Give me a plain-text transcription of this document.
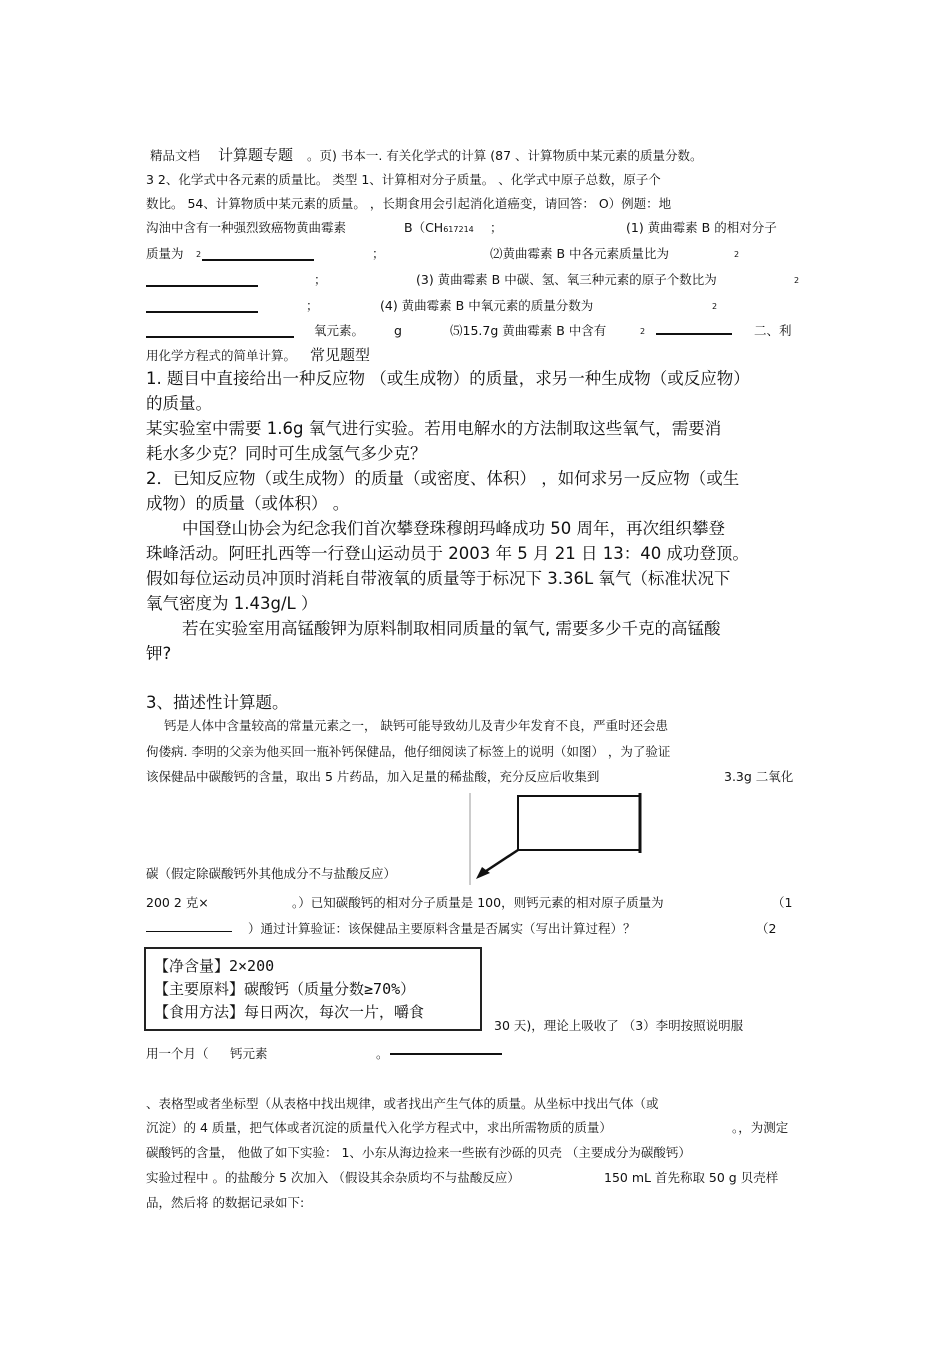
精品文档 计算题专题 。页) 书本一. 有关化学式的计算 (87 、计算物质中某元素的质量分数。
3 2、化学式中各元素的质量比。 类型 1、计算相对分子质量。 、化学式中原子总数，原子个
数比。 54、计算物质中某元素的质量。 ，长期食用会引起消化道癌变，请回答： O）例题：地
沟油中含有一种强烈致癌物黄曲霉素	B（CH617214 ；	(1) 黄曲霉素 B 的相对分子
质量为 2	；	⑵黄曲霉素 B 中各元素质量比为	2
；	(3) 黄曲霉素 B 中碳、氢、氧三种元素的原子个数比为	2
；	(4) 黄曲霉素 B 中氧元素的质量分数为	2
氧元素。 g	⑸15.7g 黄曲霉素 B 中含有	2	二、利
用化学方程式的简单计算。 常见题型
1. 题目中直接给出一种反应物 （或生成物）的质量，求另一种生成物（或反应物）
的质量。
某实验室中需要 1.6g 氧气进行实验。若用电解水的方法制取这些氧气，需要消
耗水多少克？同时可生成氢气多少克？
2．已知反应物（或生成物）的质量（或密度、体积） ，如何求另一反应物（或生
成物）的质量（或体积） 。
中国登山协会为纪念我们首次攀登珠穆朗玛峰成功 50 周年，再次组织攀登
珠峰活动。阿旺扎西等一行登山运动员于 2003 年 5 月 21 日 13：40 成功登顶。
假如每位运动员冲顶时消耗自带液氧的质量等于标况下 3.36L 氧气（标准状况下
氧气密度为 1.43g/L ）
若在实验室用高锰酸钾为原料制取相同质量的氧气, 需要多少千克的高锰酸
钾?
3、描述性计算题。
钙是人体中含量较高的常量元素之一， 缺钙可能导致幼儿及青少年发育不良，严重时还会患
佝偻病. 李明的父亲为他买回一瓶补钙保健品，他仔细阅读了标签上的说明（如图） ，为了验证
该保健品中碳酸钙的含量，取出 5 片药品，加入足量的稀盐酸，充分反应后收集到	3.3g 二氧化
碳（假定除碳酸钙外其他成分不与盐酸反应）
200 2 克×	。）已知碳酸钙的相对分子质量是 100，则钙元素的相对原子质量为	（1
）通过计算验证：该保健品主要原料含量是否属实（写出计算过程）？	（2
【净含量】2×200
【主要原料】碳酸钙（质量分数≥70%）
【食用方法】每日两次，每次一片，嚼食
30 天)，理论上吸收了 （3）李明按照说明服
用一个月（ 钙元素	。
、表格型或者坐标型（从表格中找出规律，或者找出产生气体的质量。从坐标中找出气体（或
沉淀）的 4 质量，把气体或者沉淀的质量代入化学方程式中，求出所需物质的质量）	。，为测定
碳酸钙的含量， 他做了如下实验： 1、小东从海边捡来一些嵌有沙砾的贝壳 （主要成分为碳酸钙）
实验过程中 。的盐酸分 5 次加入 （假设其余杂质均不与盐酸反应）	150 mL 首先称取 50 g 贝壳样
品，然后将 的数据记录如下:
